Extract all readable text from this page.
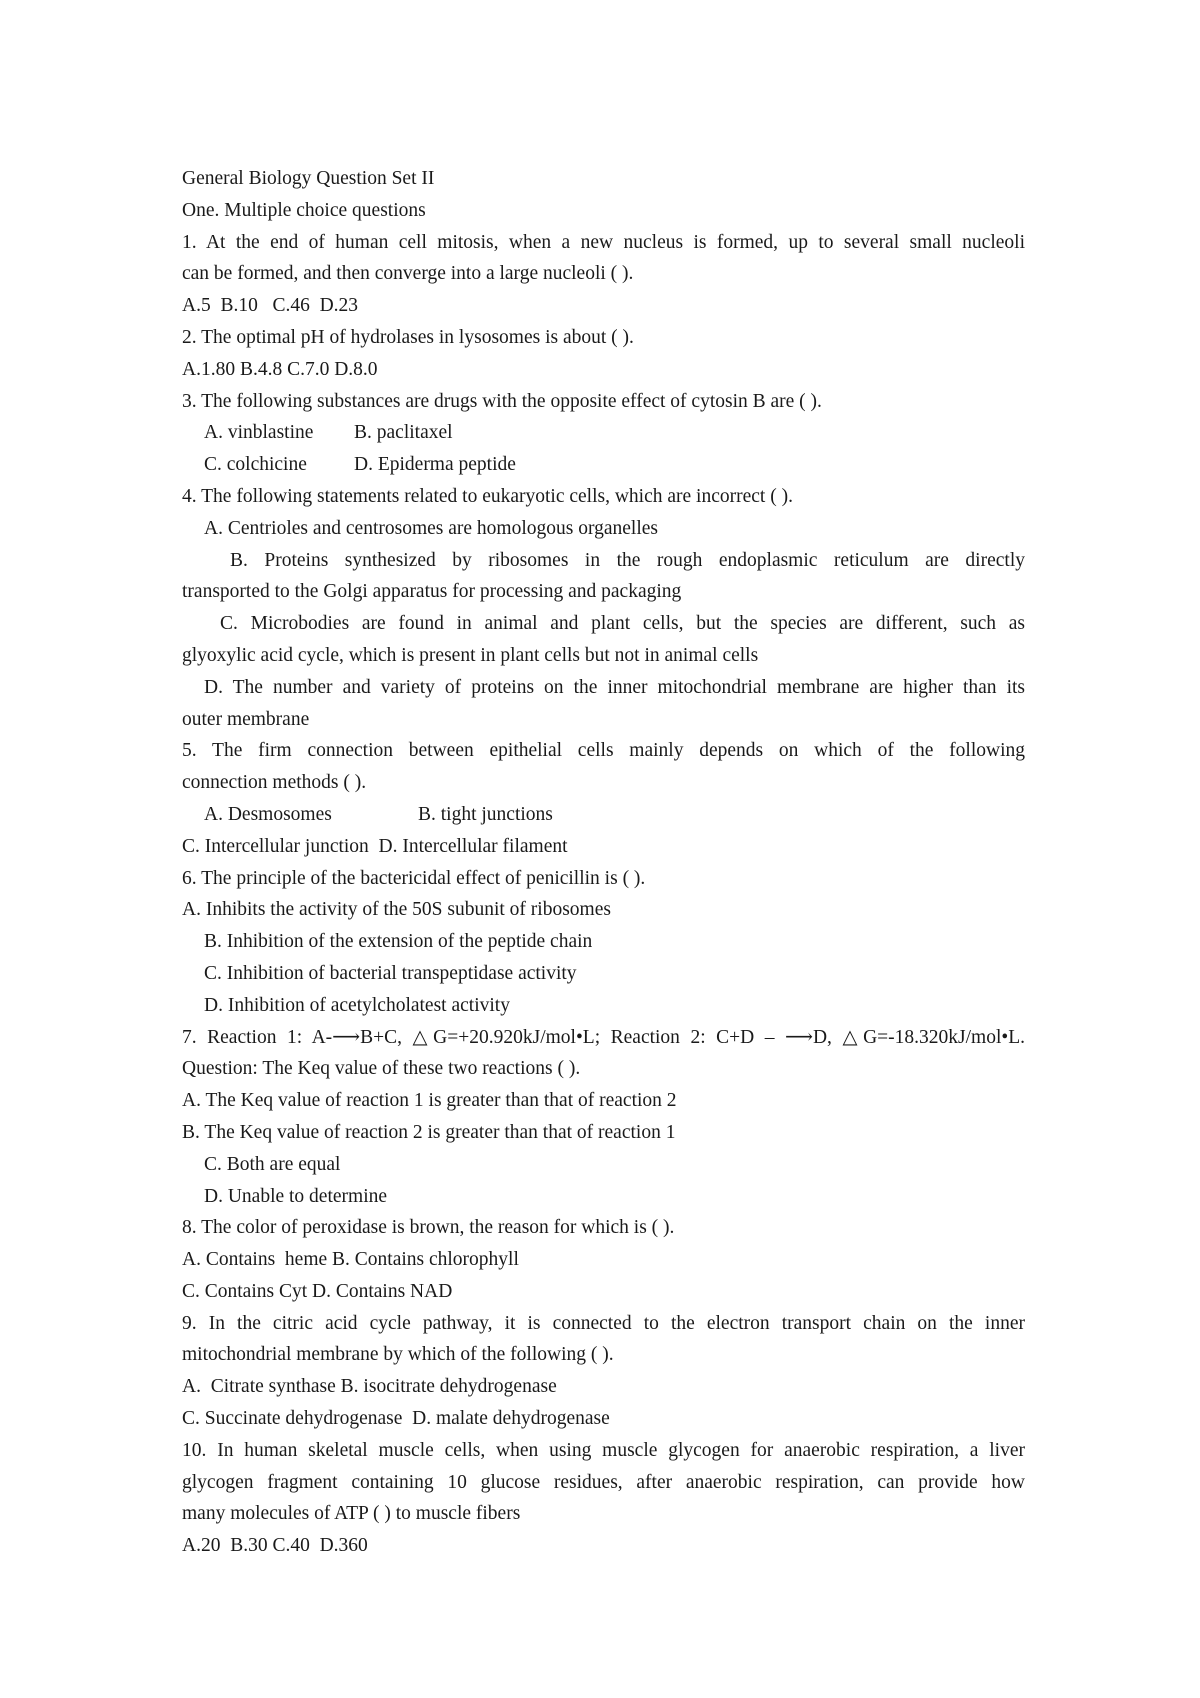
General Biology Question Set II
One. Multiple choice questions
1. At the end of human cell mitosis, when a new nucleus is formed, up to several small nucleoli
can be formed, and then converge into a large nucleoli ( ).
A.5  B.10   C.46  D.23
2. The optimal pH of hydrolases in lysosomes is about ( ).
A.1.80 B.4.8 C.7.0 D.8.0
3. The following substances are drugs with the opposite effect of cytosin B are ( ).
A. vinblastine	B. paclitaxel
C. colchicine	D. Epiderma peptide
4. The following statements related to eukaryotic cells, which are incorrect ( ).
A. Centrioles and centrosomes are homologous organelles
B. Proteins synthesized by ribosomes in the rough endoplasmic reticulum are directly
transported to the Golgi apparatus for processing and packaging
C. Microbodies are found in animal and plant cells, but the species are different, such as
glyoxylic acid cycle, which is present in plant cells but not in animal cells
D. The number and variety of proteins on the inner mitochondrial membrane are higher than its
outer membrane
5. The firm connection between epithelial cells mainly depends on which of the following
connection methods ( ).
A. Desmosomes	B. tight junctions
C. Intercellular junction  D. Intercellular filament
6. The principle of the bactericidal effect of penicillin is ( ).
A. Inhibits the activity of the 50S subunit of ribosomes
B. Inhibition of the extension of the peptide chain
C. Inhibition of bacterial transpeptidase activity
D. Inhibition of acetylcholatest activity
7. Reaction 1: A-⟶B+C, △G=+20.920kJ/mol•L; Reaction 2: C+D – ⟶D, △G=-18.320kJ/mol•L.
Question: The Keq value of these two reactions ( ).
A. The Keq value of reaction 1 is greater than that of reaction 2
B. The Keq value of reaction 2 is greater than that of reaction 1
C. Both are equal
D. Unable to determine
8. The color of peroxidase is brown, the reason for which is ( ).
A. Contains  heme B. Contains chlorophyll
C. Contains Cyt D. Contains NAD
9. In the citric acid cycle pathway, it is connected to the electron transport chain on the inner
mitochondrial membrane by which of the following ( ).
A.  Citrate synthase B. isocitrate dehydrogenase
C. Succinate dehydrogenase  D. malate dehydrogenase
10. In human skeletal muscle cells, when using muscle glycogen for anaerobic respiration, a liver
glycogen fragment containing 10 glucose residues, after anaerobic respiration, can provide how
many molecules of ATP ( ) to muscle fibers
A.20  B.30 C.40  D.360
